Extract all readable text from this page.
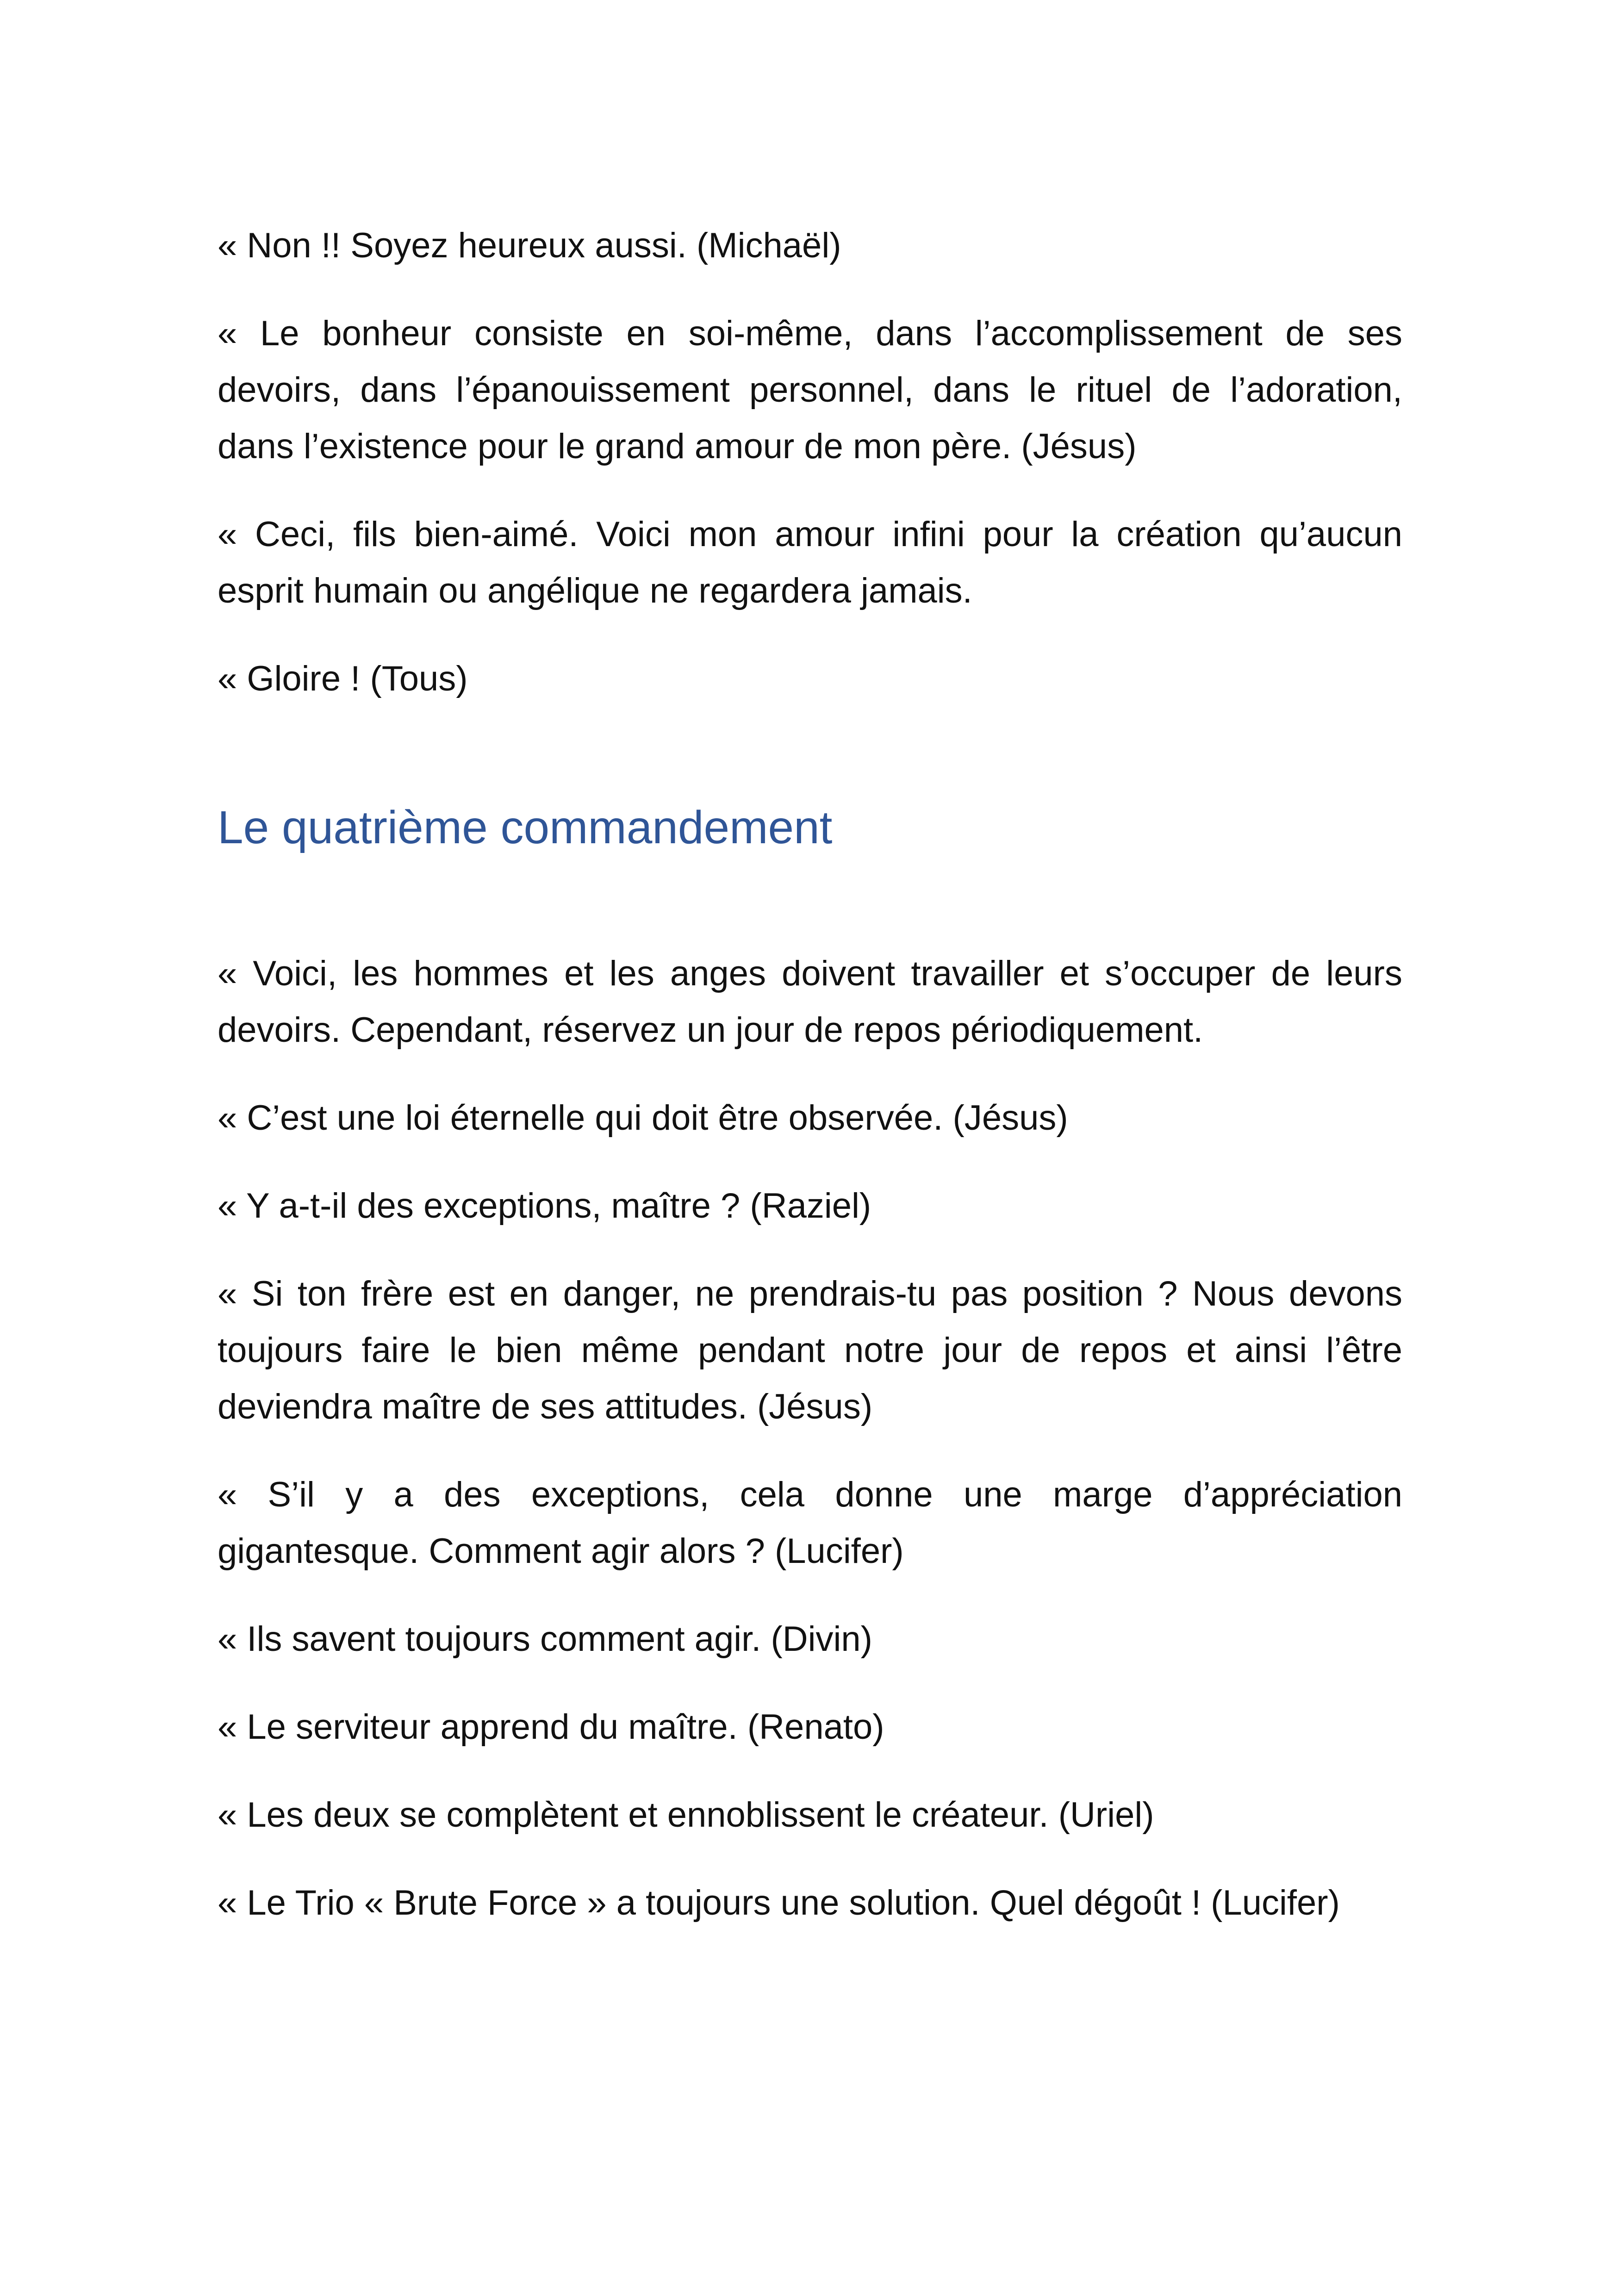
« Non !! Soyez heureux aussi. (Michaël)

« Le bonheur consiste en soi-même, dans l’accomplissement de ses devoirs, dans l’épanouissement personnel, dans le rituel de l’adoration, dans l’existence pour le grand amour de mon père. (Jésus)

« Ceci, fils bien-aimé. Voici mon amour infini pour la création qu’aucun esprit humain ou angélique ne regardera jamais.

« Gloire ! (Tous)

Le quatrième commandement

« Voici, les hommes et les anges doivent travailler et s’occuper de leurs devoirs. Cependant, réservez un jour de repos périodiquement.

« C’est une loi éternelle qui doit être observée. (Jésus)

« Y a-t-il des exceptions, maître ? (Raziel)

« Si ton frère est en danger, ne prendrais-tu pas position ? Nous devons toujours faire le bien même pendant notre jour de repos et ainsi l’être deviendra maître de ses attitudes. (Jésus)

« S’il y a des exceptions, cela donne une marge d’appréciation gigantesque. Comment agir alors ? (Lucifer)

« Ils savent toujours comment agir. (Divin)

« Le serviteur apprend du maître. (Renato)

« Les deux se complètent et ennoblissent le créateur. (Uriel)

« Le Trio « Brute Force » a toujours une solution. Quel dégoût ! (Lucifer)
